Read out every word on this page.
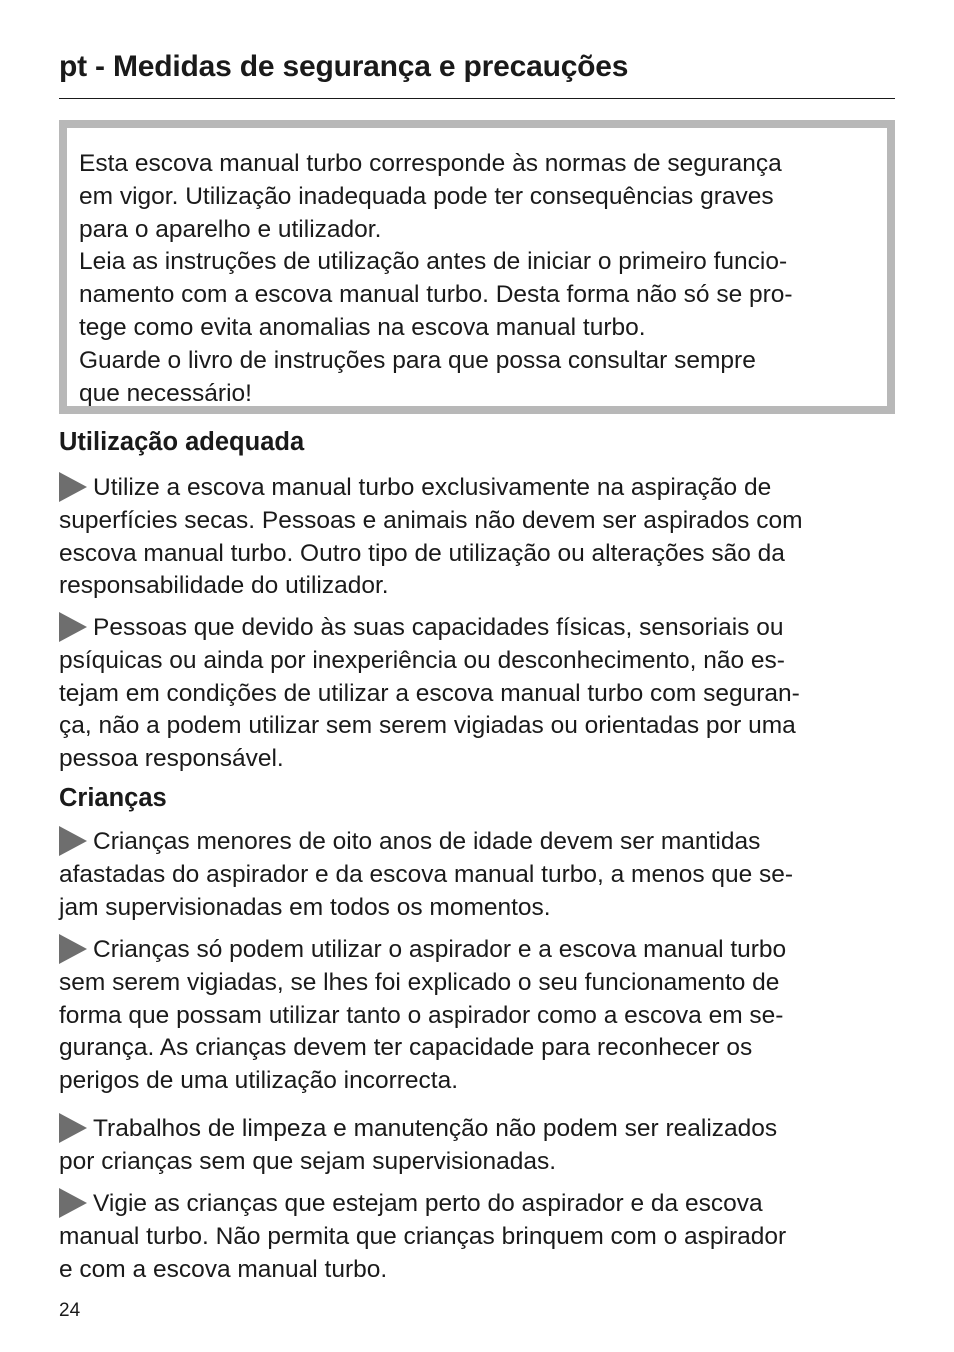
pt - Medidas de segurança e precauções

Esta escova manual turbo corresponde às normas de segurança
em vigor. Utilização inadequada pode ter consequências graves
para o aparelho e utilizador.
Leia as instruções de utilização antes de iniciar o primeiro funcio-
namento com a escova manual turbo. Desta forma não só se pro-
tege como evita anomalias na escova manual turbo.
Guarde o livro de instruções para que possa consultar sempre
que necessário!

Utilização adequada

Utilize a escova manual turbo exclusivamente na aspiração de
superfícies secas. Pessoas e animais não devem ser aspirados com
escova manual turbo. Outro tipo de utilização ou alterações são da
responsabilidade do utilizador.

Pessoas que devido às suas capacidades físicas, sensoriais ou
psíquicas ou ainda por inexperiência ou desconhecimento, não es-
tejam em condições de utilizar a escova manual turbo com seguran-
ça, não a podem utilizar sem serem vigiadas ou orientadas por uma
pessoa responsável.

Crianças

Crianças menores de oito anos de idade devem ser mantidas
afastadas do aspirador e da escova manual turbo, a menos que se-
jam supervisionadas em todos os momentos.

Crianças só podem utilizar o aspirador e a escova manual turbo
sem serem vigiadas, se lhes foi explicado o seu funcionamento de
forma que possam utilizar tanto o aspirador como a escova em se-
gurança. As crianças devem ter capacidade para reconhecer os
perigos de uma utilização incorrecta.

Trabalhos de limpeza e manutenção não podem ser realizados
por crianças sem que sejam supervisionadas.

Vigie as crianças que estejam perto do aspirador e da escova
manual turbo. Não permita que crianças brinquem com o aspirador
e com a escova manual turbo.

24
